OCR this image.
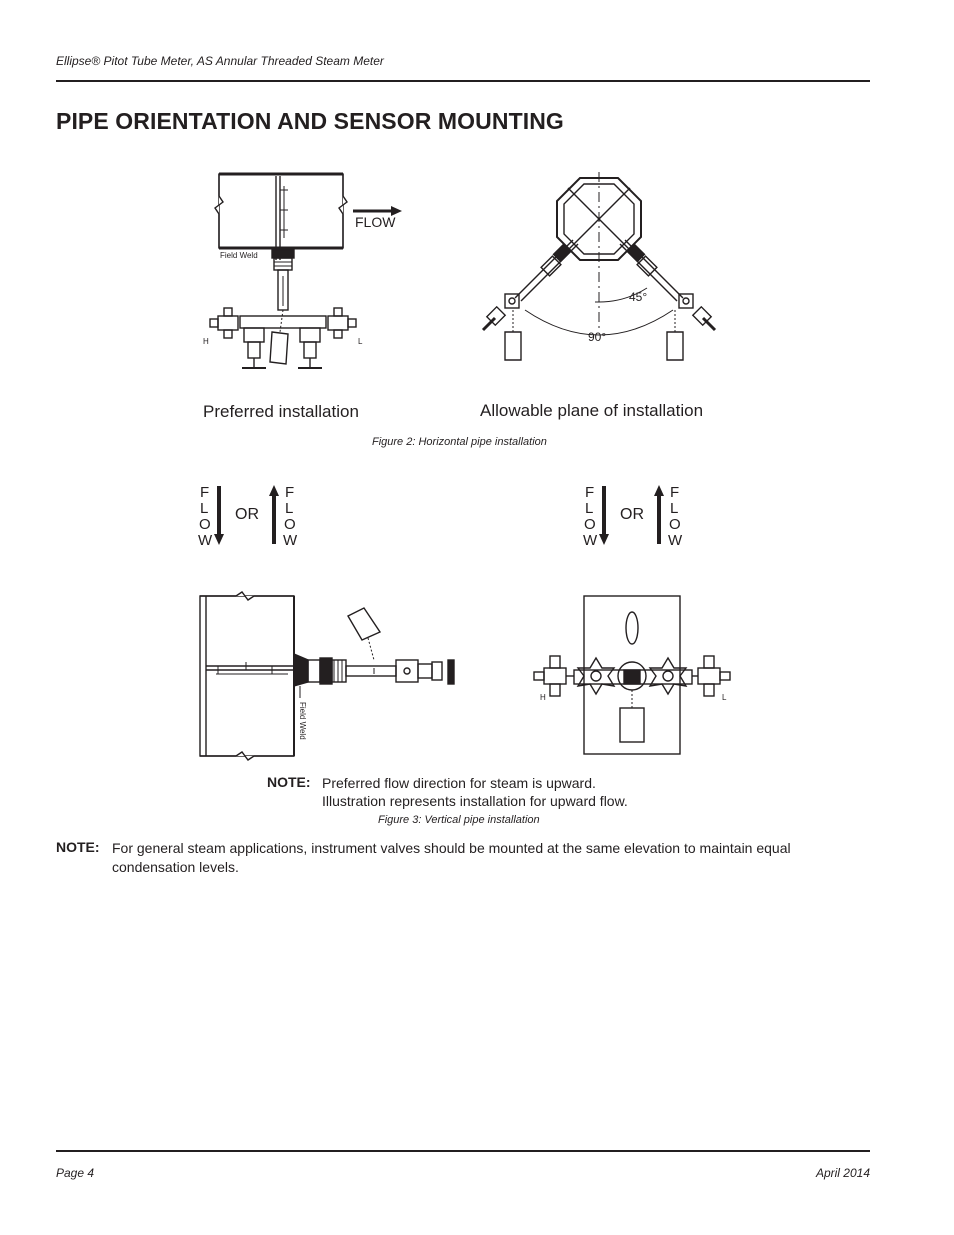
Ellipse® Pitot Tube Meter, AS Annular Threaded Steam Meter
PIPE ORIENTATION AND SENSOR MOUNTING
FLOW
Field Weld
H	L
45°
90°
Preferred installation	Allowable plane of installation
Figure 2: Horizontal pipe installation
F
L
O
W
OR
F
L
O
W
F
L
O
W
OR
F
L
O
W
Field Weld
H	L
NOTE: Preferred flow direction for steam is upward.
Illustration represents installation for upward flow.
Figure 3: Vertical pipe installation
NOTE: For general steam applications, instrument valves should be mounted at the same elevation to maintain equal condensation levels.
Page 4	April 2014
